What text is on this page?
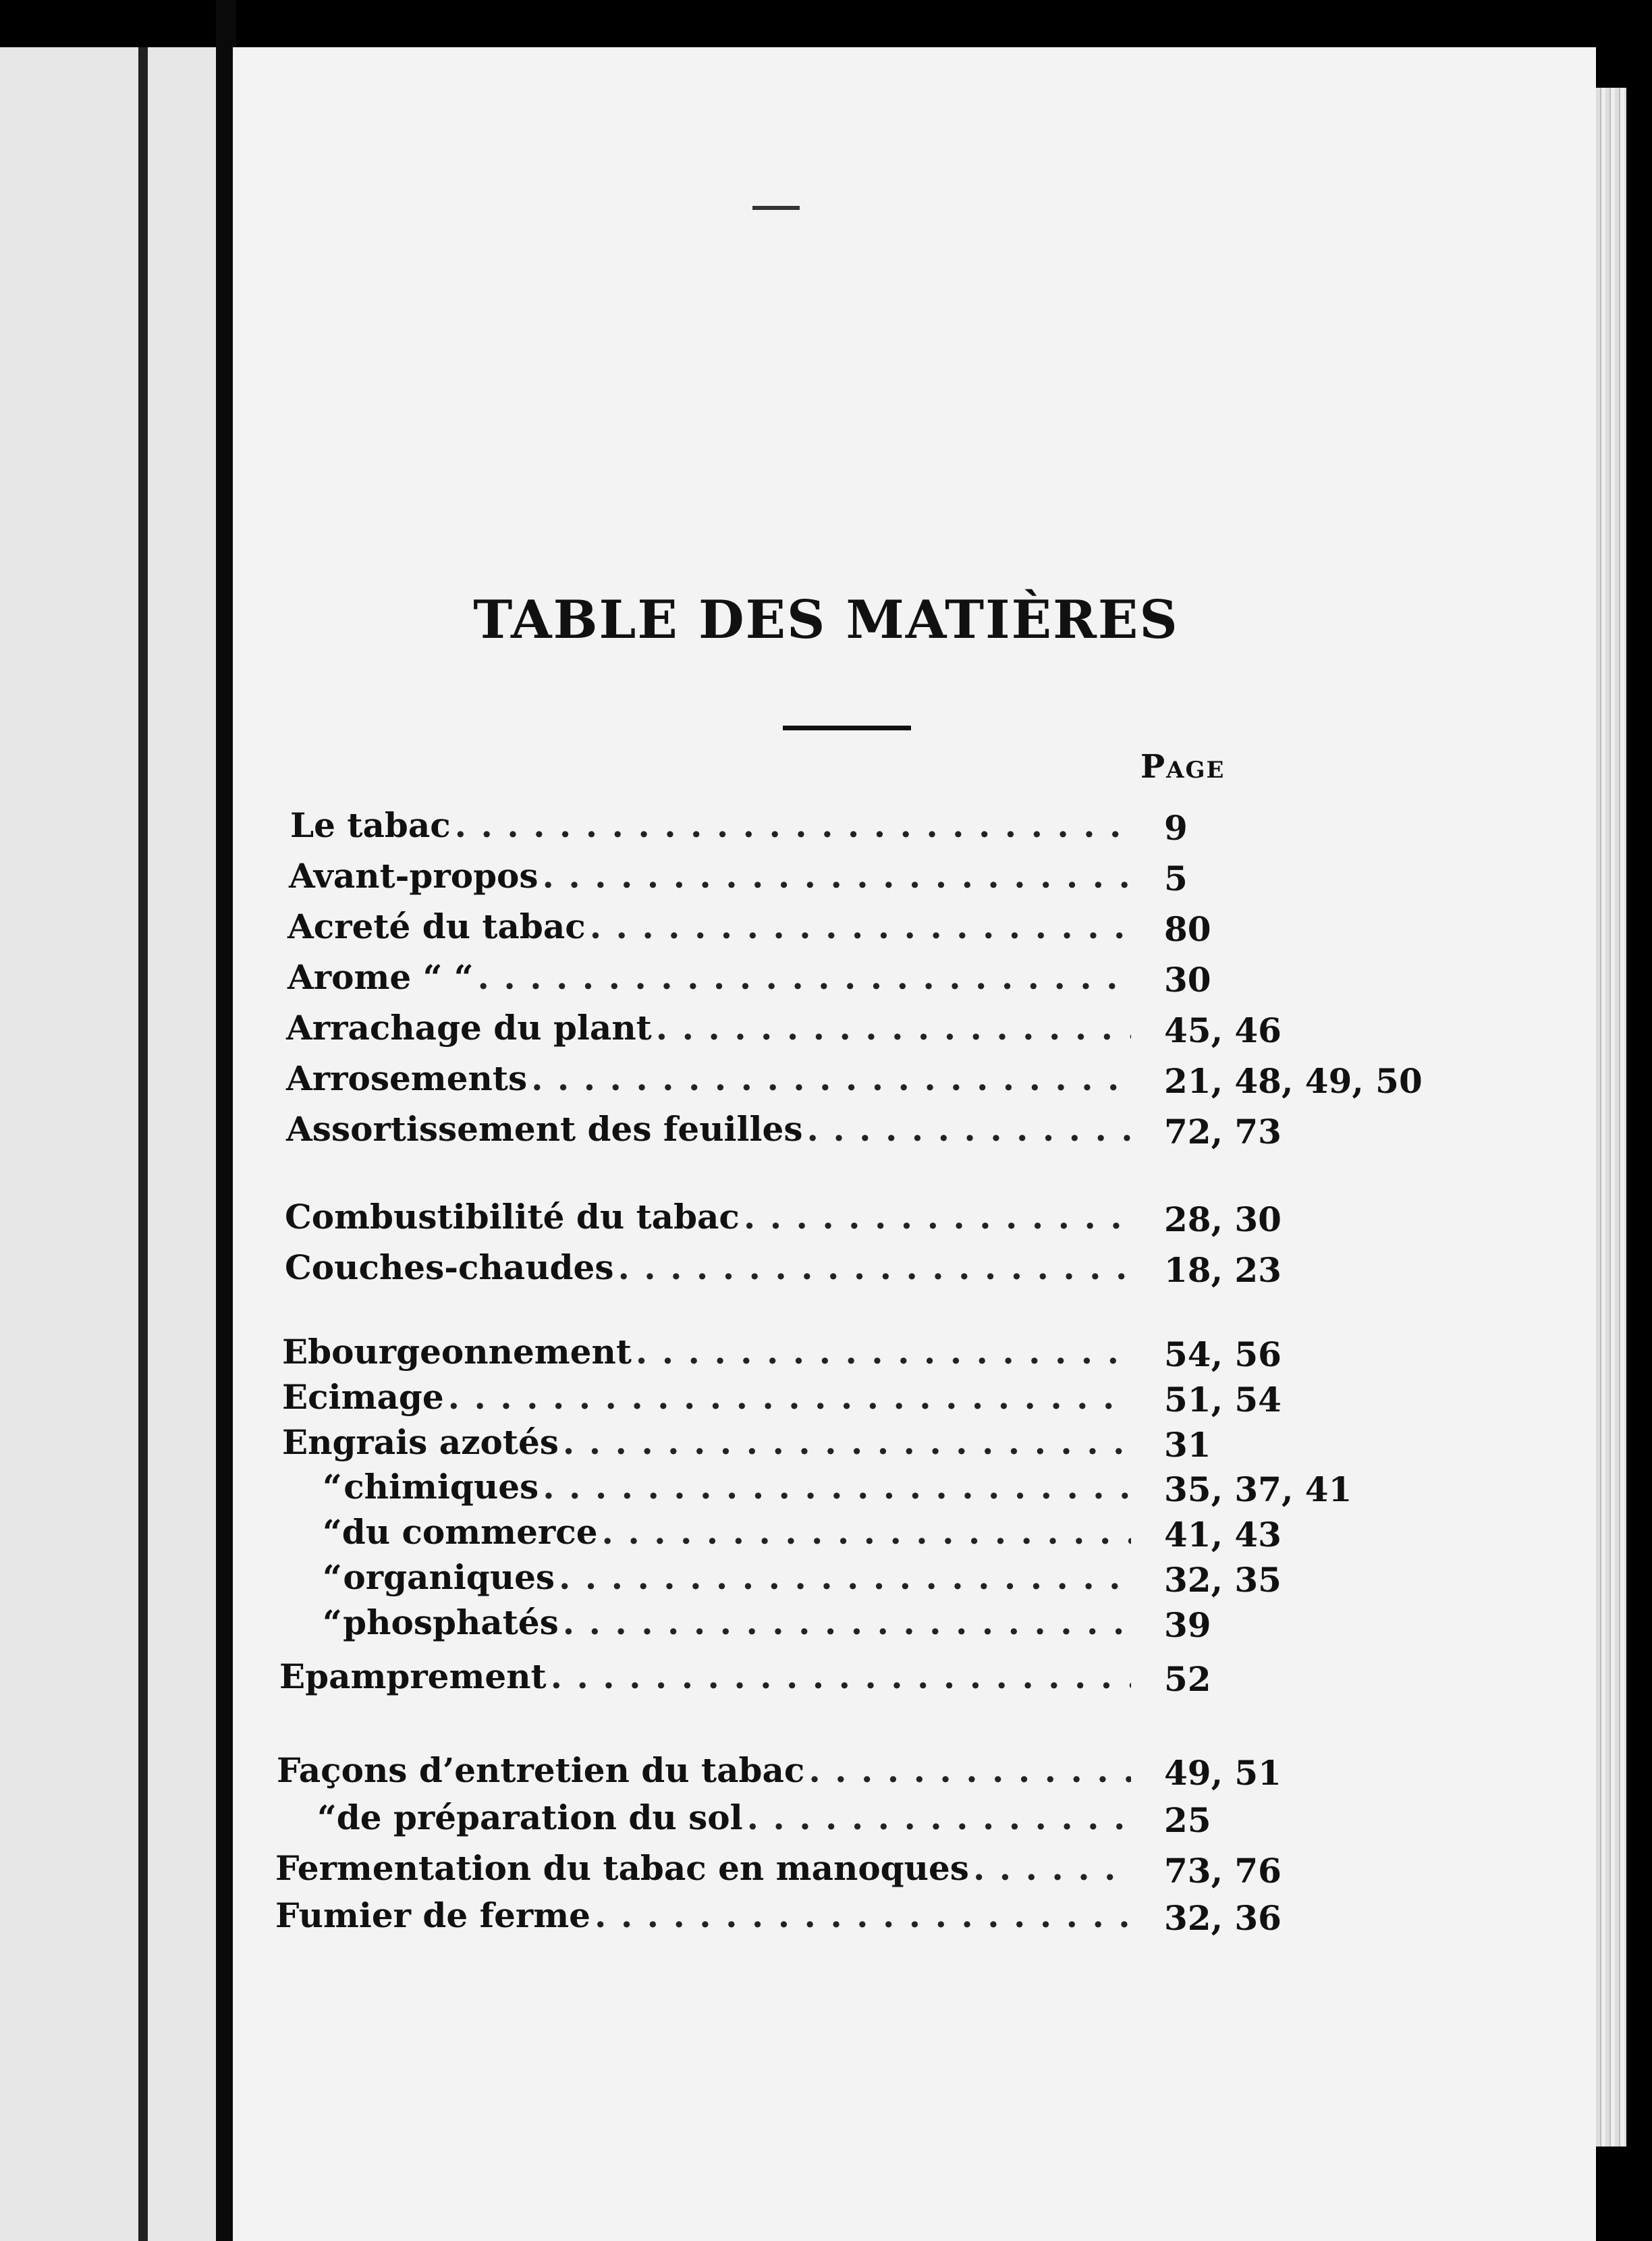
TABLE DES MATIÈRES
Page
Le tabac . . .	9
Avant-propos . . .	5
Acreté du tabac . . .	80
Arome “ “ . . .	30
Arrachage du plant . . .	45, 46
Arrosements . . .	21, 48, 49, 50
Assortissement des feuilles . . .	72, 73
Combustibilité du tabac . . .	28, 30
Couches-chaudes . . .	18, 23
Ebourgeonnement . . .	54, 56
Ecimage . . .	51, 54
Engrais azotés . . .	31
“ chimiques . . .	35, 37, 41
“ du commerce . . .	41, 43
“ organiques . . .	32, 35
“ phosphatés . . .	39
Epamprement . . .	52
Façons d’entretien du tabac . . .	49, 51
“ de préparation du sol . . .	25
Fermentation du tabac en manoques . . .	73, 76
Fumier de ferme . . .	32, 36
